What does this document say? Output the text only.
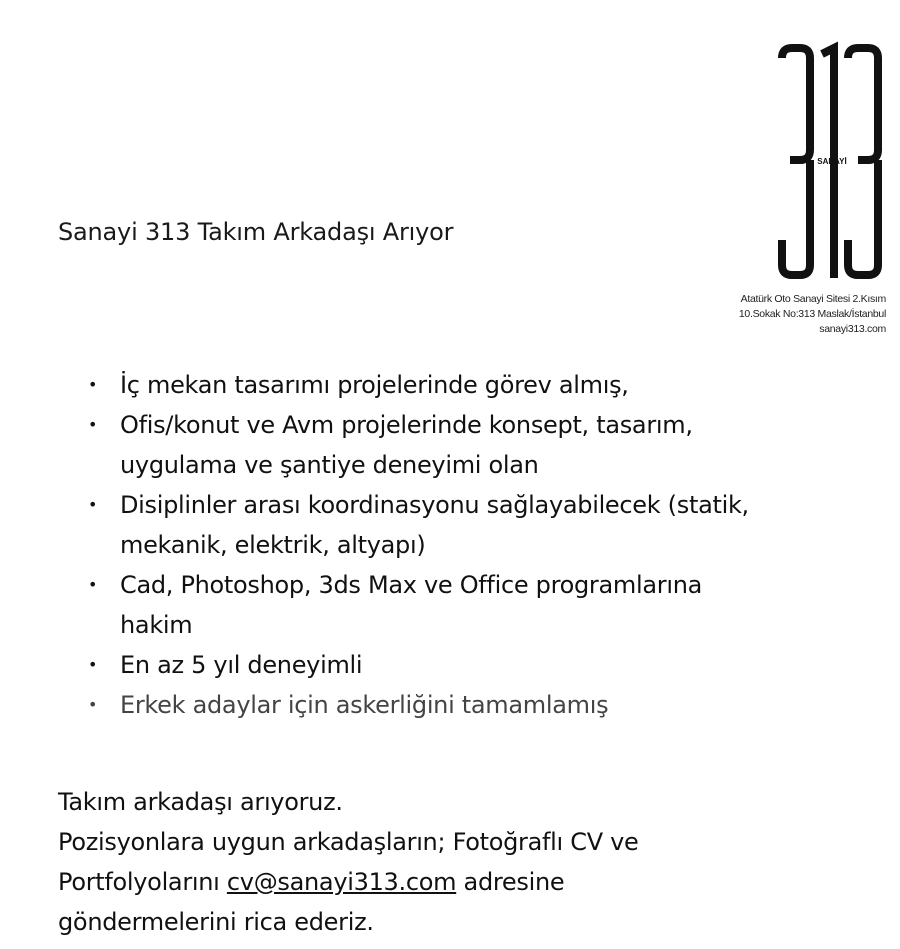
SANAYİ
Atatürk Oto Sanayi Sitesi 2.Kısım
10.Sokak No:313 Maslak/İstanbul
sanayi313.com
Sanayi 313 Takım Arkadaşı Arıyor
• İç mekan tasarımı projelerinde görev almış,
• Ofis/konut ve Avm projelerinde konsept, tasarım, uygulama ve şantiye deneyimi olan
• Disiplinler arası koordinasyonu sağlayabilecek (statik, mekanik, elektrik, altyapı)
• Cad, Photoshop, 3ds Max ve Office programlarına hakim
• En az 5 yıl deneyimli
• Erkek adaylar için askerliğini tamamlamış

Takım arkadaşı arıyoruz.

Pozisyonlara uygun arkadaşların; Fotoğraflı CV ve

Portfolyolarını cv@sanayi313.com adresine

göndermelerini rica ederiz.
